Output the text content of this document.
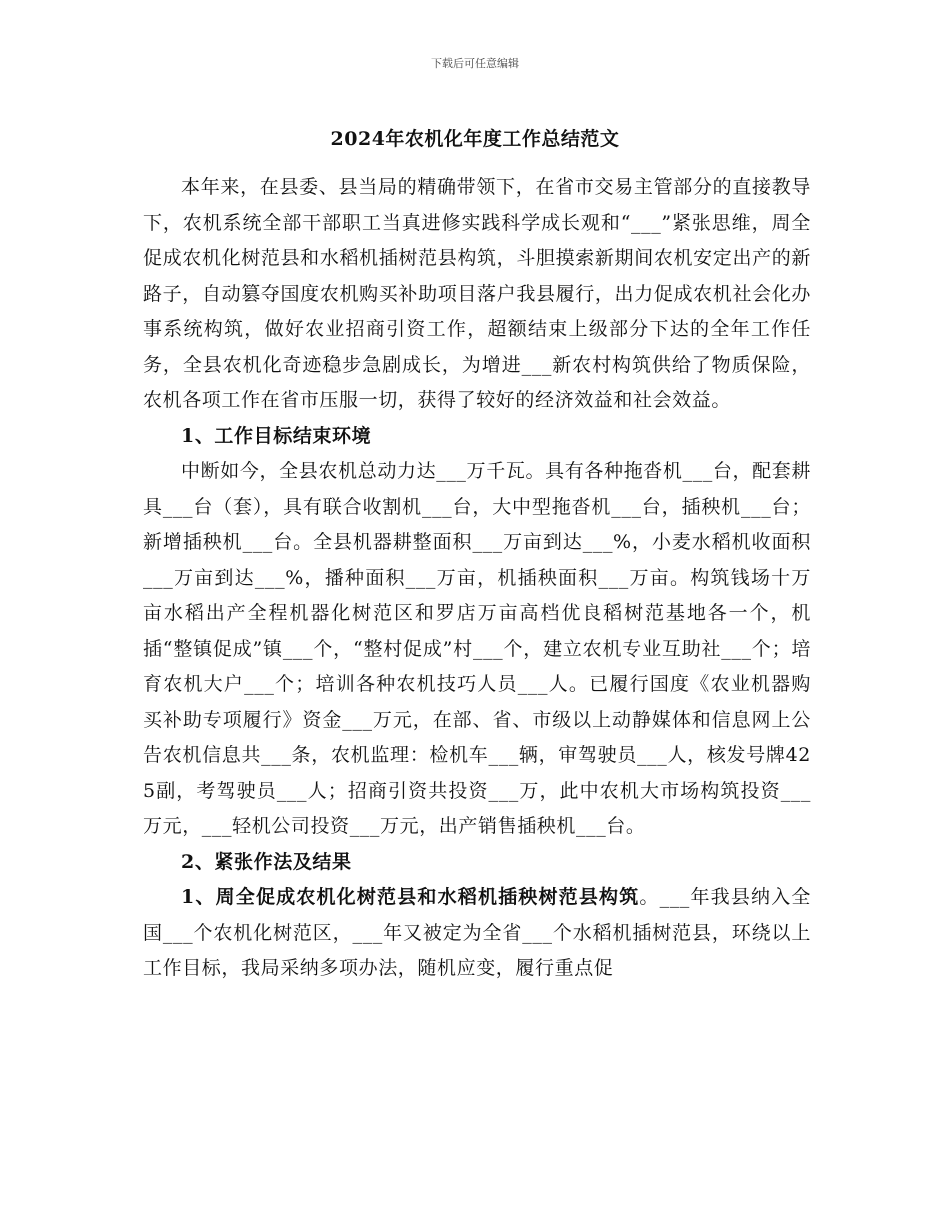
下载后可任意编辑
2024年农机化年度工作总结范文

本年来，在县委、县当局的精确带领下，在省市交易主管部分的直接教导下，农机系统全部干部职工当真进修实践科学成长观和“___”紧张思维，周全促成农机化树范县和水稻机插树范县构筑，斗胆摸索新期间农机安定出产的新路子，自动篡夺国度农机购买补助项目落户我县履行，出力促成农机社会化办事系统构筑，做好农业招商引资工作，超额结束上级部分下达的全年工作任务，全县农机化奇迹稳步急剧成长，为增进___新农村构筑供给了物质保险，农机各项工作在省市压服一切，获得了较好的经济效益和社会效益。

1、工作目标结束环境

中断如今，全县农机总动力达___万千瓦。具有各种拖沓机___台，配套耕具___台（套），具有联合收割机___台，大中型拖沓机___台，插秧机___台；新增插秧机___台。全县机器耕整面积___万亩到达___%，小麦水稻机收面积___万亩到达___%，播种面积___万亩，机插秧面积___万亩。构筑钱场十万亩水稻出产全程机器化树范区和罗店万亩高档优良稻树范基地各一个，机插“整镇促成”镇___个，“整村促成”村___个，建立农机专业互助社___个；培育农机大户___个；培训各种农机技巧人员___人。已履行国度《农业机器购买补助专项履行》资金___万元，在部、省、市级以上动静媒体和信息网上公告农机信息共___条，农机监理：检机车___辆，审驾驶员___人，核发号牌425副，考驾驶员___人；招商引资共投资___万，此中农机大市场构筑投资___万元，___轻机公司投资___万元，出产销售插秧机___台。

2、紧张作法及结果

1、周全促成农机化树范县和水稻机插秧树范县构筑。___年我县纳入全国___个农机化树范区，___年又被定为全省___个水稻机插树范县，环绕以上工作目标，我局采纳多项办法，随机应变，履行重点促
